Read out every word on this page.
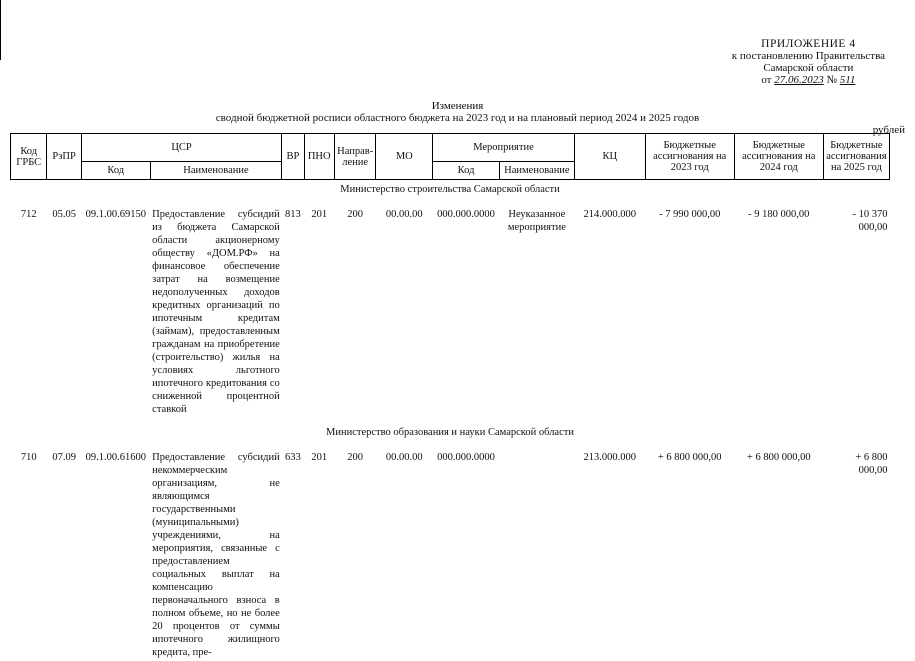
ПРИЛОЖЕНИЕ 4
к постановлению Правительства
Самарской области
от 27.06.2023 № 511
Изменения
сводной бюджетной росписи областного бюджета на 2023 год и на плановый период 2024 и 2025 годов
рублей
Код ГРБС	РзПР	ЦСР		ВР	ПНО	Направ-ление	МО	Мероприятие		КЦ	Бюджетные ассигнования на 2023 год	Бюджетные ассигнования на 2024 год	Бюджетные ассигнования на 2025 год
		Код	Наименование					Код	Наименование				
Министерство строительства Самарской области													
712	05.05	09.1.00.69150	Предоставление субсидий из бюджета Самарской области акционерному обществу «ДОМ.РФ» на финансовое обеспечение затрат на возмещение недополученных доходов кредитных организаций по ипотечным кредитам (займам), предоставленным гражданам на приобретение (строительство) жилья на условиях льготного ипотечного кредитования со сниженной процентной ставкой	813	201	200	00.00.00	000.000.0000	Неуказанное мероприятие	214.000.000	- 7 990 000,00	- 9 180 000,00	- 10 370 000,00
Министерство образования и науки Самарской области													
710	07.09	09.1.00.61600	Предоставление субсидий некоммерческим организациям, не являющимся государственными (муниципальными) учреждениями, на мероприятия, связанные с предоставлением социальных выплат на компенсацию первоначального взноса в полном объеме, но не более 20 процентов от суммы ипотечного жилищного кредита, пре-	633	201	200	00.00.00	000.000.0000		213.000.000	+ 6 800 000,00	+ 6 800 000,00	+ 6 800 000,00
